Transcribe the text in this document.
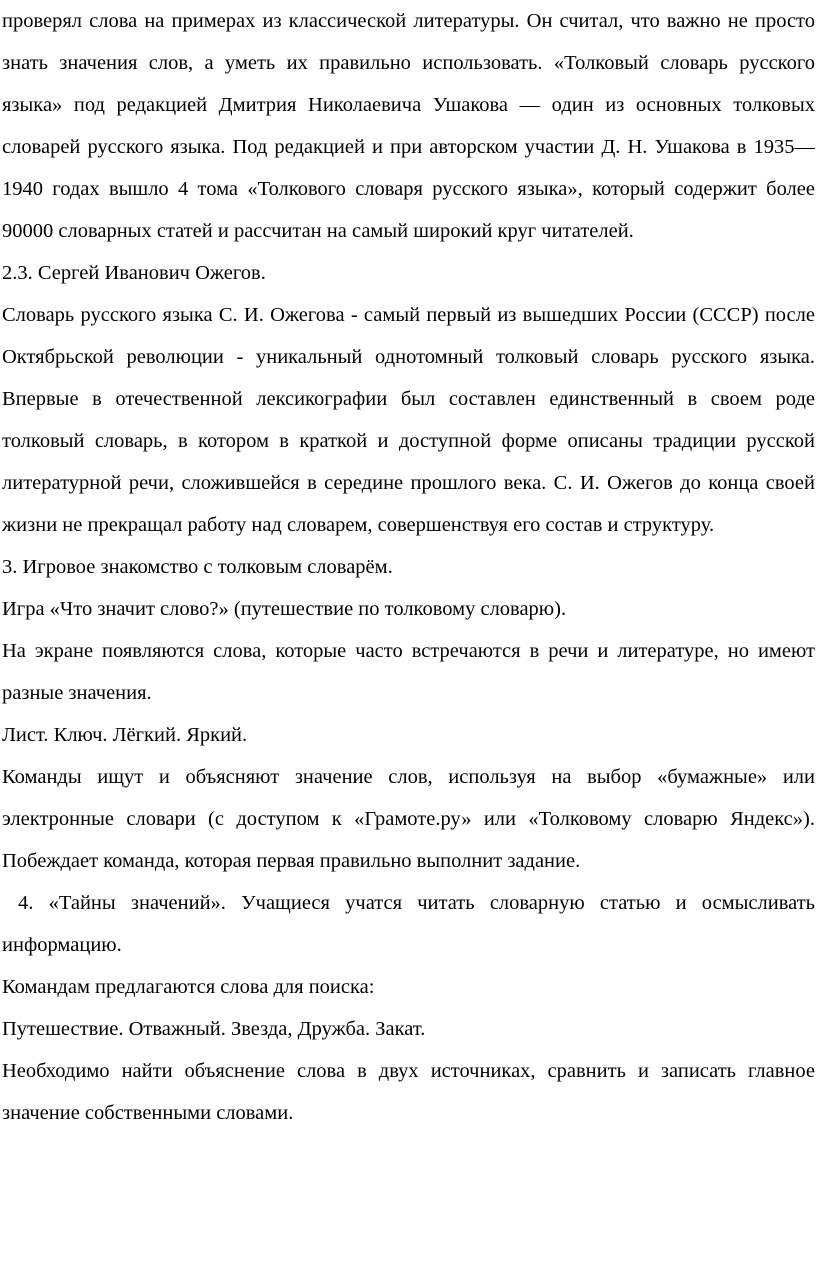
проверял слова на примерах из классической литературы. Он считал, что важно не просто знать значения слов, а уметь их правильно использовать. «Толковый словарь русского языка» под редакцией Дмитрия Николаевича Ушакова — один из основных толковых словарей русского языка. Под редакцией и при авторском участии Д. Н. Ушакова в 1935—1940 годах вышло 4 тома «Толкового словаря русского языка», который содержит более 90000 словарных статей и рассчитан на самый широкий круг читателей.

2.3. Сергей Иванович Ожегов.

Словарь русского языка С. И. Ожегова - самый первый из вышедших России (СССР) после Октябрьской революции - уникальный однотомный толковый словарь русского языка. Впервые в отечественной лексикографии был составлен единственный в своем роде толковый словарь, в котором в краткой и доступной форме описаны традиции русской литературной речи, сложившейся в середине прошлого века. С. И. Ожегов до конца своей жизни не прекращал работу над словарем, совершенствуя его состав и структуру.

3. Игровое знакомство с толковым словарём.

Игра «Что значит слово?» (путешествие по толковому словарю).

На экране появляются слова, которые часто встречаются в речи и литературе, но имеют разные значения.

Лист. Ключ. Лёгкий. Яркий.

Команды ищут и объясняют значение слов, используя на выбор «бумажные» или электронные словари (с доступом к «Грамоте.ру» или «Толковому словарю Яндекс»). Побеждает команда, которая первая правильно выполнит задание.

4. «Тайны значений». Учащиеся учатся читать словарную статью и осмысливать информацию.

Командам предлагаются слова для поиска:

Путешествие. Отважный. Звезда, Дружба. Закат.

Необходимо найти объяснение слова в двух источниках, сравнить и записать главное значение собственными словами.
